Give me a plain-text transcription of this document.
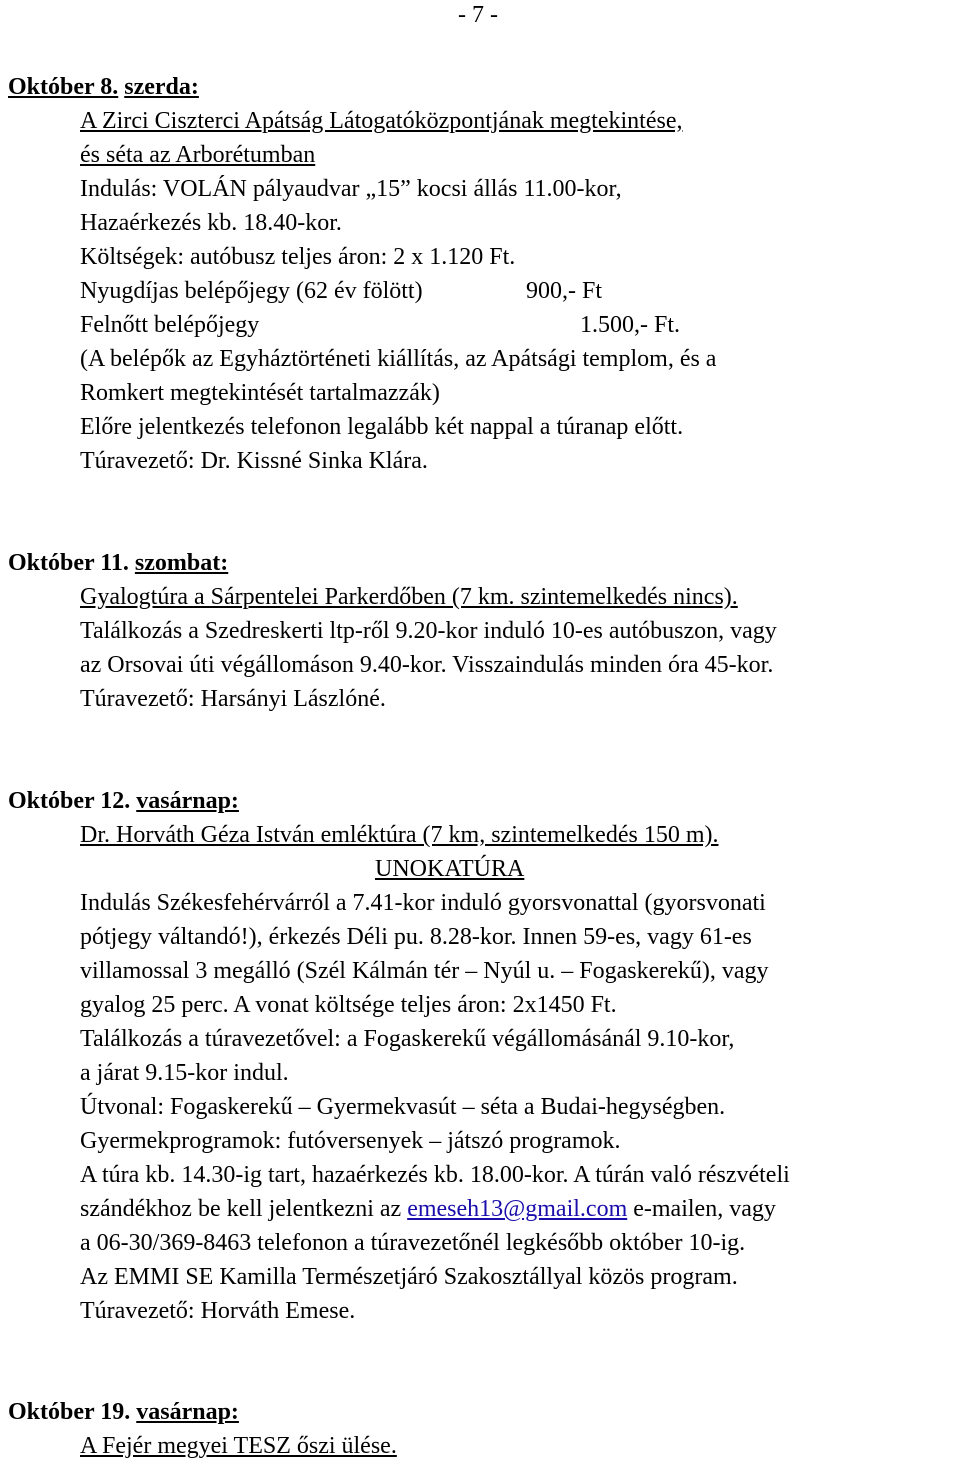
- 7 -
Október 8. szerda:
A Zirci Ciszterci Apátság Látogatóközpontjának megtekintése,
és séta az Arborétumban
Indulás: VOLÁN pályaudvar „15” kocsi állás 11.00-kor,
Hazaérkezés kb. 18.40-kor.
Költségek: autóbusz teljes áron: 2 x 1.120 Ft.
Nyugdíjas belépőjegy (62 év fölött)	900,- Ft
Felnőtt belépőjegy	1.500,- Ft.
(A belépők az Egyháztörténeti kiállítás, az Apátsági templom, és a
Romkert megtekintését tartalmazzák)
Előre jelentkezés telefonon legalább két nappal a túranap előtt.
Túravezető: Dr. Kissné Sinka Klára.
Október 11. szombat:
Gyalogtúra a Sárpentelei Parkerdőben (7 km. szintemelkedés nincs).
Találkozás a Szedreskerti ltp-ről 9.20-kor induló 10-es autóbuszon, vagy
az Orsovai úti végállomáson 9.40-kor. Visszaindulás minden óra 45-kor.
Túravezető: Harsányi Lászlóné.
Október 12. vasárnap:
Dr. Horváth Géza István emléktúra (7 km, szintemelkedés 150 m).
UNOKATÚRA
Indulás Székesfehérvárról a 7.41-kor induló gyorsvonattal (gyorsvonati
pótjegy váltandó!), érkezés Déli pu. 8.28-kor. Innen 59-es, vagy 61-es
villamossal 3 megálló (Szél Kálmán tér – Nyúl u. – Fogaskerekű), vagy
gyalog 25 perc. A vonat költsége teljes áron: 2x1450 Ft.
Találkozás a túravezetővel: a Fogaskerekű végállomásánál 9.10-kor,
a járat 9.15-kor indul.
Útvonal: Fogaskerekű – Gyermekvasút – séta a Budai-hegységben.
Gyermekprogramok: futóversenyek – játszó programok.
A túra kb. 14.30-ig tart, hazaérkezés kb. 18.00-kor. A túrán való részvételi
szándékhoz be kell jelentkezni az emeseh13@gmail.com e-mailen, vagy
a 06-30/369-8463 telefonon a túravezetőnél legkésőbb október 10-ig.
Az EMMI SE Kamilla Természetjáró Szakosztállyal közös program.
Túravezető: Horváth Emese.
Október 19. vasárnap:
A Fejér megyei TESZ őszi ülése.
